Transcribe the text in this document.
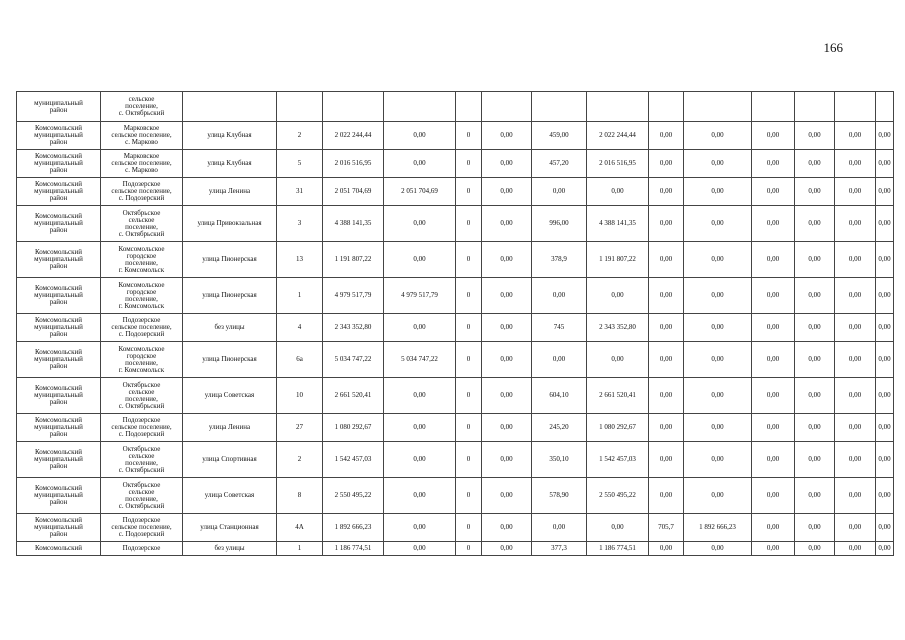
166
муниципальный
район	сельское
поселение,
с. Октябрьский														
Комсомольский
муниципальный
район	Марковское
сельское поселение,
с. Марково	улица Клубная	2	2 022 244,44	0,00	0	0,00	459,00	2 022 244,44	0,00	0,00	0,00	0,00	0,00	0,00
Комсомольский
муниципальный
район	Марковское
сельское поселение,
с. Марково	улица Клубная	5	2 016 516,95	0,00	0	0,00	457,20	2 016 516,95	0,00	0,00	0,00	0,00	0,00	0,00
Комсомольский
муниципальный
район	Подозерское
сельское поселение,
с. Подозерский	улица Ленина	31	2 051 704,69	2 051 704,69	0	0,00	0,00	0,00	0,00	0,00	0,00	0,00	0,00	0,00
Комсомольский
муниципальный
район	Октябрьское
сельское
поселение,
с. Октябрьский	улица Привокзальная	3	4 388 141,35	0,00	0	0,00	996,00	4 388 141,35	0,00	0,00	0,00	0,00	0,00	0,00
Комсомольский
муниципальный
район	Комсомольское
городское
поселение,
г. Комсомольск	улица Пионерская	13	1 191 807,22	0,00	0	0,00	378,9	1 191 807,22	0,00	0,00	0,00	0,00	0,00	0,00
Комсомольский
муниципальный
район	Комсомольское
городское
поселение,
г. Комсомольск	улица Пионерская	1	4 979 517,79	4 979 517,79	0	0,00	0,00	0,00	0,00	0,00	0,00	0,00	0,00	0,00
Комсомольский
муниципальный
район	Подозерское
сельское поселение,
с. Подозерский	без улицы	4	2 343 352,80	0,00	0	0,00	745	2 343 352,80	0,00	0,00	0,00	0,00	0,00	0,00
Комсомольский
муниципальный
район	Комсомольское
городское
поселение,
г. Комсомольск	улица Пионерская	6а	5 034 747,22	5 034 747,22	0	0,00	0,00	0,00	0,00	0,00	0,00	0,00	0,00	0,00
Комсомольский
муниципальный
район	Октябрьское
сельское
поселение,
с. Октябрьский	улица Советская	10	2 661 520,41	0,00	0	0,00	604,10	2 661 520,41	0,00	0,00	0,00	0,00	0,00	0,00
Комсомольский
муниципальный
район	Подозерское
сельское поселение,
с. Подозерский	улица Ленина	27	1 080 292,67	0,00	0	0,00	245,20	1 080 292,67	0,00	0,00	0,00	0,00	0,00	0,00
Комсомольский
муниципальный
район	Октябрьское
сельское
поселение,
с. Октябрьский	улица Спортивная	2	1 542 457,03	0,00	0	0,00	350,10	1 542 457,03	0,00	0,00	0,00	0,00	0,00	0,00
Комсомольский
муниципальный
район	Октябрьское
сельское
поселение,
с. Октябрьский	улица Советская	8	2 550 495,22	0,00	0	0,00	578,90	2 550 495,22	0,00	0,00	0,00	0,00	0,00	0,00
Комсомольский
муниципальный
район	Подозерское
сельское поселение,
с. Подозерский	улица Станционная	4А	1 892 666,23	0,00	0	0,00	0,00	0,00	705,7	1 892 666,23	0,00	0,00	0,00	0,00
Комсомольский	Подозерское	без улицы	1	1 186 774,51	0,00	0	0,00	377,3	1 186 774,51	0,00	0,00	0,00	0,00	0,00	0,00
